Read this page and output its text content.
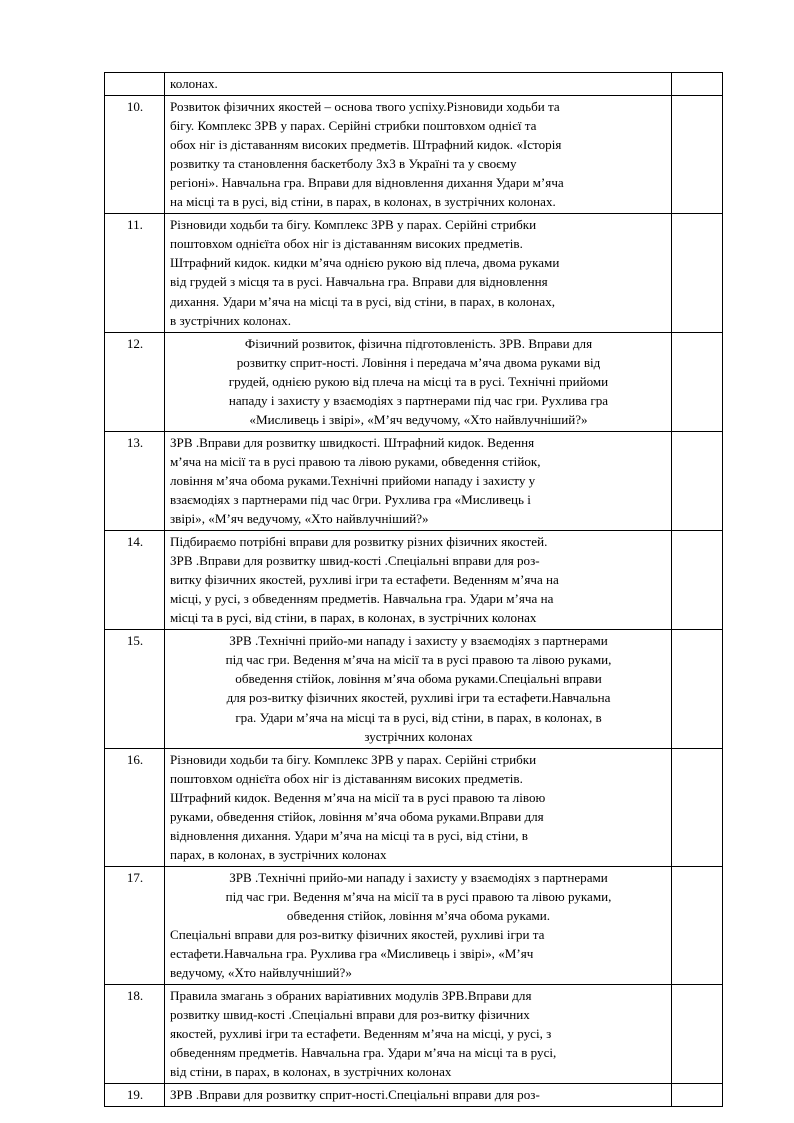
	колонах.	

10.	Розвиток фізичних якостей – основа твого успіху.Різновиди ходьби та

бігу. Комплекс ЗРВ у парах. Серійні стрибки поштовхом однієї та

обох ніг із діставанням високих предметів. Штрафний кидок. «Історія

розвитку та становлення баскетболу 3х3 в Україні та у своєму

регіоні». Навчальна гра. Вправи для відновлення дихання Удари м’яча

на місці та в русі, від стіни, в парах, в колонах, в зустрічних колонах.

11.	Різновиди ходьби та бігу. Комплекс ЗРВ у парах. Серійні стрибки

поштовхом однієїта обох ніг із діставанням високих предметів.

Штрафний кидок. кидки м’яча однією рукою від плеча, двома руками

від грудей з місця та в русі. Навчальна гра. Вправи для відновлення

дихання. Удари м’яча на місці та в русі, від стіни, в парах, в колонах,

в зустрічних колонах.

12.	Фізичний розвиток, фізична підготовленість. ЗРВ. Вправи для

розвитку сприт-ності. Ловіння і передача м’яча двома руками від

грудей, однією рукою від плеча на місці та в русі. Технічні прийоми

нападу і захисту у взаємодіях з партнерами під час гри. Рухлива гра

«Мисливець і звірі», «М’яч ведучому, «Хто найвлучніший?»	

13.	ЗРВ .Вправи для розвитку швидкості. Штрафний кидок. Ведення

м’яча на місії та в русі правою та лівою руками, обведення стійок,

ловіння м’яча обома руками.Технічні прийоми нападу і захисту у

взаємодіях з партнерами під час 0гри. Рухлива гра «Мисливець і

звірі», «М’яч ведучому, «Хто найвлучніший?»	

14.	Підбираємо потрібні вправи для розвитку різних фізичних якостей.

ЗРВ .Вправи для розвитку швид-кості .Спеціальні вправи для роз-

витку фізичних якостей, рухливі ігри та естафети. Веденням м’яча на

місці, у русі, з обведенням предметів. Навчальна гра. Удари м’яча на

місці та в русі, від стіни, в парах, в колонах, в зустрічних колонах	

15.	ЗРВ .Технічні прийо-ми нападу і захисту у взаємодіях з партнерами

під час гри. Ведення м’яча на місії та в русі правою та лівою руками,

обведення стійок, ловіння м’яча обома руками.Спеціальні вправи

для роз-витку фізичних якостей, рухливі ігри та естафети.Навчальна

гра. Удари м’яча на місці та в русі, від стіни, в парах, в колонах, в

зустрічних колонах

16.	Різновиди ходьби та бігу. Комплекс ЗРВ у парах. Серійні стрибки

поштовхом однієїта обох ніг із діставанням високих предметів.

Штрафний кидок. Ведення м’яча на місії та в русі правою та лівою

руками, обведення стійок, ловіння м’яча обома руками.Вправи для

відновлення дихання. Удари м’яча на місці та в русі, від стіни, в

парах, в колонах, в зустрічних колонах

17.	ЗРВ .Технічні прийо-ми нападу і захисту у взаємодіях з партнерами

під час гри. Ведення м’яча на місії та в русі правою та лівою руками,

обведення стійок, ловіння м’яча обома руками.

Спеціальні вправи для роз-витку фізичних якостей, рухливі ігри та

естафети.Навчальна гра. Рухлива гра «Мисливець і звірі», «М’яч

ведучому, «Хто найвлучніший?»

18.	Правила змагань з обраних варіативних модулів ЗРВ.Вправи для

розвитку швид-кості .Спеціальні вправи для роз-витку фізичних

якостей, рухливі ігри та естафети. Веденням м’яча на місці, у русі, з

обведенням предметів. Навчальна гра. Удари м’яча на місці та в русі,

від стіни, в парах, в колонах, в зустрічних колонах	

19.	ЗРВ .Вправи для розвитку сприт-ності.Спеціальні вправи для роз-	
